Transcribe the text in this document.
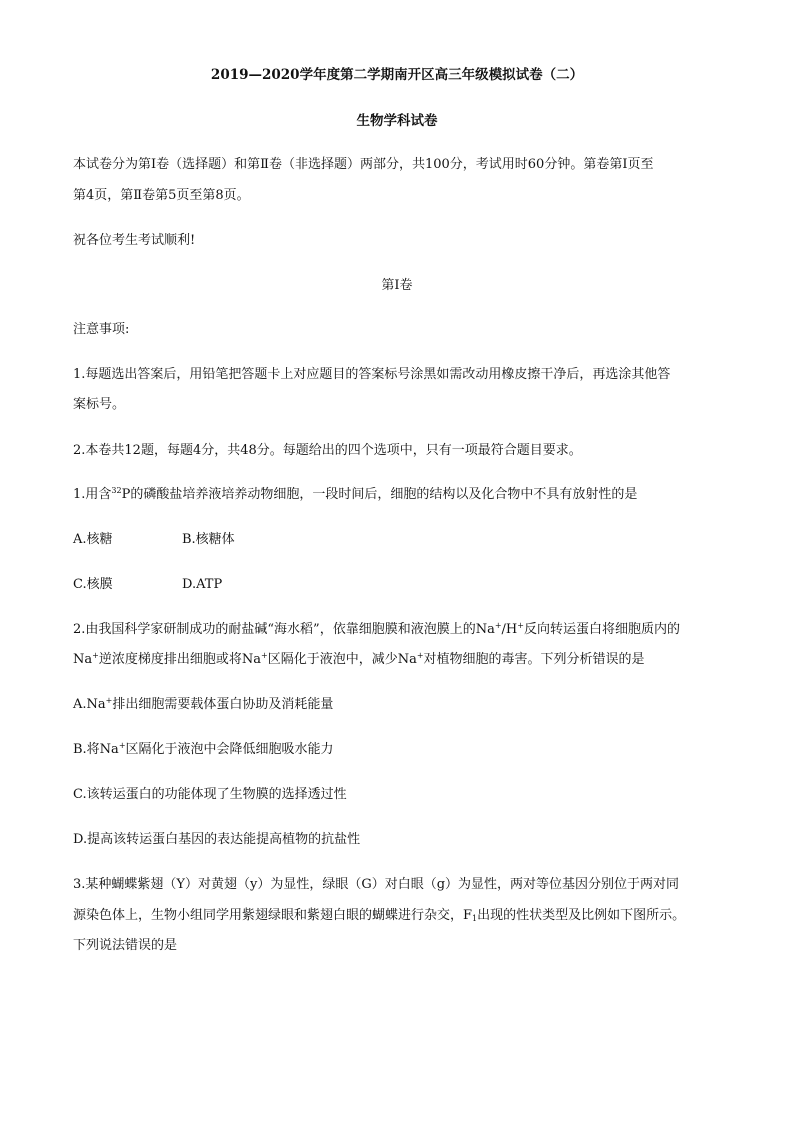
2019—2020学年度第二学期南开区高三年级模拟试卷（二）
生物学科试卷
本试卷分为第Ⅰ卷（选择题）和第Ⅱ卷（非选择题）两部分，共100分，考试用时60分钟。第卷第Ⅰ页至
第4页，第Ⅱ卷第5页至第8页。
祝各位考生考试顺利!
第Ⅰ卷
注意事项:
1.每题选出答案后，用铅笔把答题卡上对应题目的答案标号涂黑如需改动用橡皮擦干净后，再选涂其他答
案标号。
2.本卷共12题，每题4分，共48分。每题给出的四个选项中，只有一项最符合题目要求。
1.用含$^{32}$P的磷酸盐培养液培养动物细胞，一段时间后，细胞的结构以及化合物中不具有放射性的是
A.核糖	B.核糖体
C.核膜	D.ATP
2.由我国科学家研制成功的耐盐碱“海水稻”，依靠细胞膜和液泡膜上的Na+/H+反向转运蛋白将细胞质内的
Na+逆浓度梯度排出细胞或将Na+区隔化于液泡中，减少Na+对植物细胞的毒害。下列分析错误的是
A.Na+排出细胞需要载体蛋白协助及消耗能量
B.将Na+区隔化于液泡中会降低细胞吸水能力
C.该转运蛋白的功能体现了生物膜的选择透过性
D.提高该转运蛋白基因的表达能提高植物的抗盐性
3.某种蝴蝶紫翅（Y）对黄翅（y）为显性，绿眼（G）对白眼（g）为显性，两对等位基因分别位于两对同
源染色体上，生物小组同学用紫翅绿眼和紫翅白眼的蝴蝶进行杂交，$F_1$出现的性状类型及比例如下图所示。
下列说法错误的是
